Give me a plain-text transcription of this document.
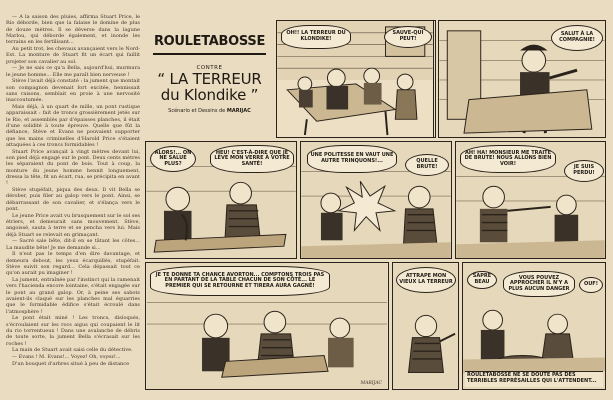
— A la saison des pluies, affirma Stuart Price, le Rio déborde, bien que la falaise le domine de plus de douze mètres. Il se déverse dans la lagune Marlou, qui déborde également, et inonde les terrains en les fertilisant...

Au petit trot, les chevaux avançaient vers le Nord-Est. La monture de Stuart fit un écart qui faillit projeter son cavalier au sol.

— Je ne sais ce qu'a Bella, aujourd'hui, murmura le jeune homme... Elle me paraît bien nerveuse !

Stève l'avait déjà constaté : la jument que montait son compagnon devenait fort excitée, hennissait sans raisons, semblait en proie à une nervosité inaccoutumée.

Mais déjà, à un quart de mille, un pont rustique apparaissait : fait de troncs grossièrement jetés sur le Rio, et assemblés par d'épaisses planches, il était d'une solidité à toute épreuve. Quelle que fût la défiance, Stève et Evans ne pouvaient supporter que les mains criminelles d'Harold Price s'étaient attaquées à ces troncs formidables !

Stuart Price avançait à vingt mètres devant lui, son pied déjà engagé sur le pont. Deux cents mètres les séparaient du pont de bois. Tout à coup, la monture du jeune homme hennit longuement, dressa la tête, fit un écart, rua, se précipita en avant !

Stève stupéfait, piqua des deux. Il vit Bella se dérober, puis filer au galop vers le pont. Ainsi, se débarrassant de son cavalier, et s'élança vers le pont.

Le jeune Price avait vu brusquement sur le sol ses étriers, et demeurait sans mouvement. Stève, angoissé, sauta à terre et se pencha vers lui. Mais déjà Stuart se relevait en grimaçant.

— Sacré sale bête, dit-il en se tâtant les côtes... La maudite bête! Je me demande si...

Il n'eut pas le temps d'en dire davantage, et demeura debout, les yeux écarquillés, stupéfait. Stève suivit son regard... Cela dépassait tout ce qu'on aurait pu imaginer !

La jument, entraînée par l'instinct qui la ramenait vers l'hacienda encore lointaine, s'était engagée sur le pont au grand galop. Or, à peine ses sabots avaient-ils claqué sur les planches mal équarries que le formidable édifice s'était écroulé dans l'atmosphère !

Le pont était miné ! Les troncs, disloqués, s'écroulaient sur les rocs aigus qui coupaient le lit du rio torrentueux ! Dans une avalanche de débris de toute sorte, la jument Bella s'écrasait sur les roches !

La main de Stuart avait saisi celle du détective.

— Evans ! M. Evans!... Voyez! Oh, voyez!...

D'un bouquet d'arbres situé à peu de distance

ROULETABOSSE
CONTRE
“ LA TERREUR
du Klondike ”
Scénario et Dessins de MARIJAC
OH!! LA TERREUR DU KLONDIKE!
SAUVE-QUI PEUT!
SALUT À LA COMPAGNIE!
ALORS!... ON NE SALUE PLUS?
HEU! C'EST-À-DIRE QUE JE LÈVE MON VERRE À VOTRE SANTÉ!
UNE POLITESSE EN VAUT UNE AUTRE TRINQUONS!...	QUELLE BRUTE!
AH! HA! MONSIEUR ME TRAITE DE BRUTE! NOUS ALLONS BIEN VOIR!
JE SUIS PERDU!
JE TE DONNE TA CHANCE AVORTON... COMPTONS TROIS PAS EN PARTANT DE LA TABLE CHACUN DE SON CÔTÉ... LE PREMIER QUI SE RETOURNE ET TIRERA AURA GAGNÉ!
MARIJAC
ATTRAPE MON VIEUX LA TERREUR
SAPRE BEAU
VOUS POUVEZ APPROCHER IL N'Y A PLUS AUCUN DANGER
OUF!
ROULETABOSSE NE SE DOUTE PAS DES TERRIBLES REPRÉSAILLES QUI L'ATTENDENT...
